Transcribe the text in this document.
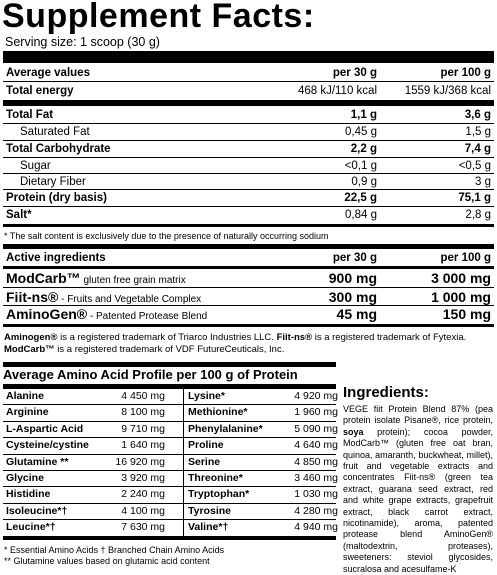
Supplement Facts:
Serving size: 1 scoop (30 g)
Average values	per 30 g	per 100 g
Total energy	468 kJ/110 kcal 1559 kJ/368 kcal
Total Fat	1,1 g	3,6 g
Saturated Fat	0,45 g	1,5 g
Total Carbohydrate	2,2 g	7,4 g
Sugar	<0,1 g	<0,5 g
Dietary Fiber	0,9 g	3 g
Protein (dry basis)	22,5 g	75,1 g
Salt*	0,84 g	2,8 g
* The salt content is exclusively due to the presence of naturally occurring sodium
Active ingredients	per 30 g	per 100 g
ModCarb™ gluten free grain matrix	900 mg	3 000 mg
Fiit-ns® - Fruits and Vegetable Complex	300 mg	1 000 mg
AminoGen® - Patented Protease Blend	45 mg	150 mg
Aminogen® is a registered trademark of Triarco Industries LLC. Fiit-ns® is a registered trademark of Fytexia.
ModCarb™ is a registered trademark of VDF FutureCeuticals, Inc.
Average Amino Acid Profile per 100 g of Protein
Alanine	4 450 mg
Arginine	8 100 mg
L-Aspartic Acid	9 710 mg
Cysteine/cystine	1 640 mg
Glutamine **	16 920 mg
Glycine	3 920 mg
Histidine	2 240 mg
Isoleucine*†	4 100 mg
Leucine*†	7 630 mg
Lysine*	4 920 mg
Methionine*	1 960 mg
Phenylalanine*	5 090 mg
Proline	4 640 mg
Serine	4 850 mg
Threonine*	3 460 mg
Tryptophan*	1 030 mg
Tyrosine	4 280 mg
Valine*†	4 940 mg
* Essential Amino Acids † Branched Chain Amino Acids
** Glutamine values based on glutamic acid content
Ingredients:
VEGE fiit Protein Blend 87% (pea protein isolate Pisane®, rice protein, soya protein); cocoa powder, ModCarb™ (gluten free oat bran, quinoa, amaranth, buckwheat, millet), fruit and vegetable extracts and concentrates Fiit-ns® (green tea extract, guarana seed extract, red and white grape extracts, grapefruit extract, black carrot extract, nicotinamide), aroma, patented protease blend AminoGen® (maltodextrin, proteases), sweeteners: steviol glycosides, sucralosa and acesulfame-K
